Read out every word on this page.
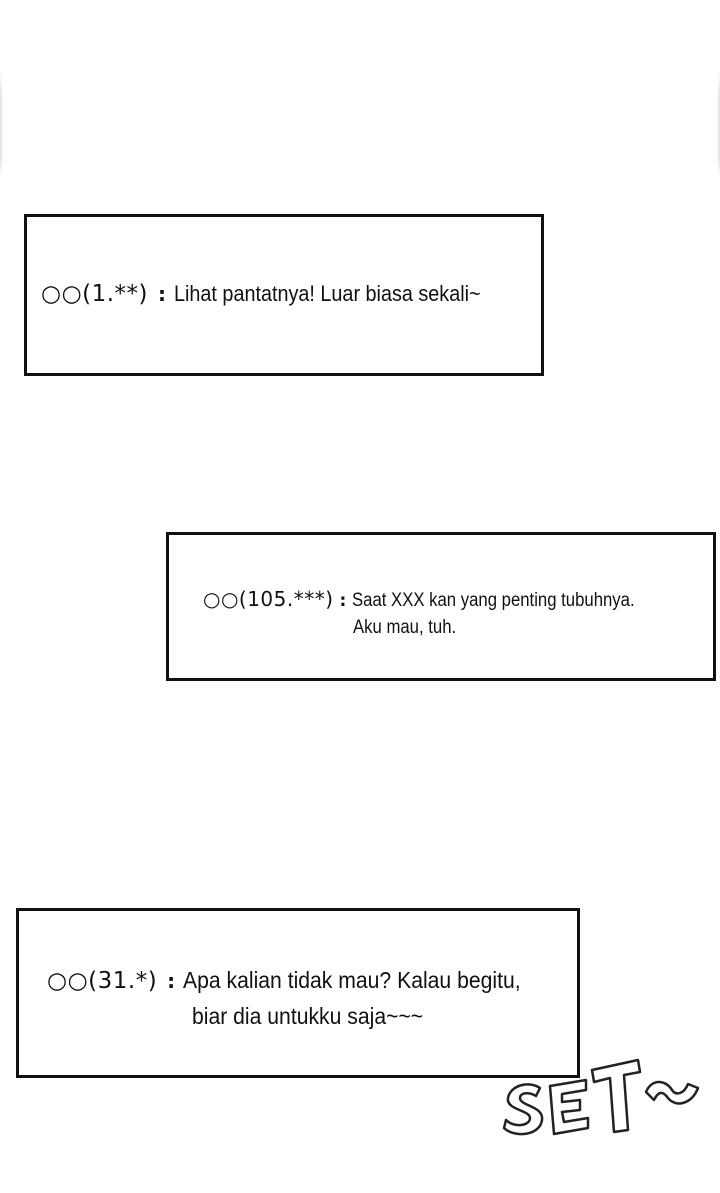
○○(1.**) : Lihat pantatnya! Luar biasa sekali~
○○(105.***) : Saat XXX kan yang penting tubuhnya.
Aku mau, tuh.
○○(31.*) : Apa kalian tidak mau? Kalau begitu,
biar dia untukku saja~~~
